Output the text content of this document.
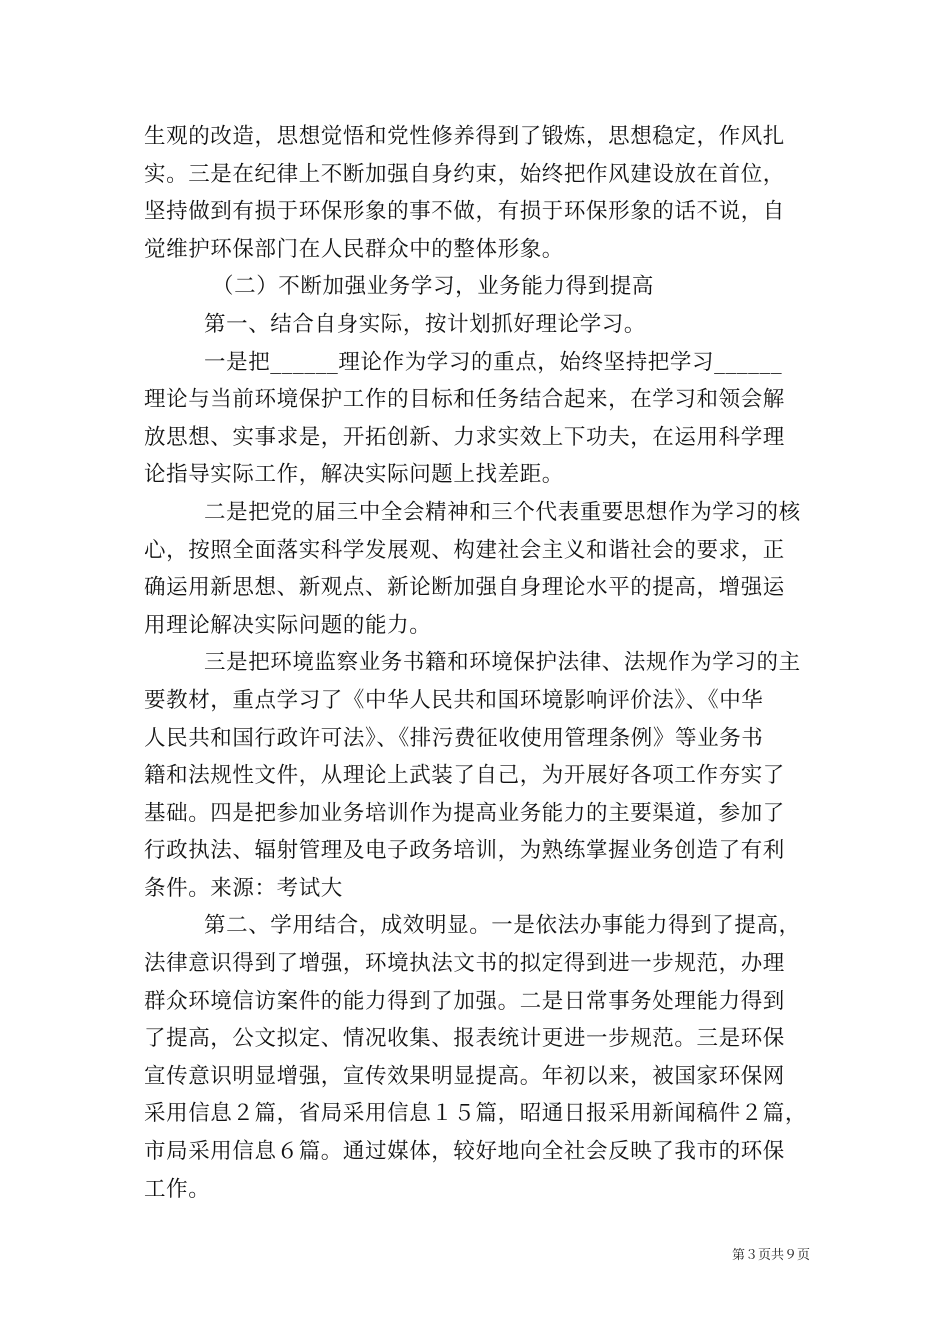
生观的改造，思想觉悟和党性修养得到了锻炼，思想稳定，作风扎
实。三是在纪律上不断加强自身约束，始终把作风建设放在首位，
坚持做到有损于环保形象的事不做，有损于环保形象的话不说，自
觉维护环保部门在人民群众中的整体形象。
（二）不断加强业务学习，业务能力得到提高
第一、结合自身实际，按计划抓好理论学习。
一是把______理论作为学习的重点，始终坚持把学习______
理论与当前环境保护工作的目标和任务结合起来，在学习和领会解
放思想、实事求是，开拓创新、力求实效上下功夫，在运用科学理
论指导实际工作，解决实际问题上找差距。
二是把党的届三中全会精神和三个代表重要思想作为学习的核
心，按照全面落实科学发展观、构建社会主义和谐社会的要求，正
确运用新思想、新观点、新论断加强自身理论水平的提高，增强运
用理论解决实际问题的能力。
三是把环境监察业务书籍和环境保护法律、法规作为学习的主
要教材，重点学习了《中华人民共和国环境影响评价法》、《中华
人民共和国行政许可法》、《排污费征收使用管理条例》等业务书
籍和法规性文件，从理论上武装了自己，为开展好各项工作夯实了
基础。四是把参加业务培训作为提高业务能力的主要渠道，参加了
行政执法、辐射管理及电子政务培训，为熟练掌握业务创造了有利
条件。来源：考试大
第二、学用结合，成效明显。一是依法办事能力得到了提高，
法律意识得到了增强，环境执法文书的拟定得到进一步规范，办理
群众环境信访案件的能力得到了加强。二是日常事务处理能力得到
了提高，公文拟定、情况收集、报表统计更进一步规范。三是环保
宣传意识明显增强，宣传效果明显提高。年初以来，被国家环保网
采用信息２篇，省局采用信息１５篇，昭通日报采用新闻稿件２篇，
市局采用信息６篇。通过媒体，较好地向全社会反映了我市的环保
工作。
第３页共９页
